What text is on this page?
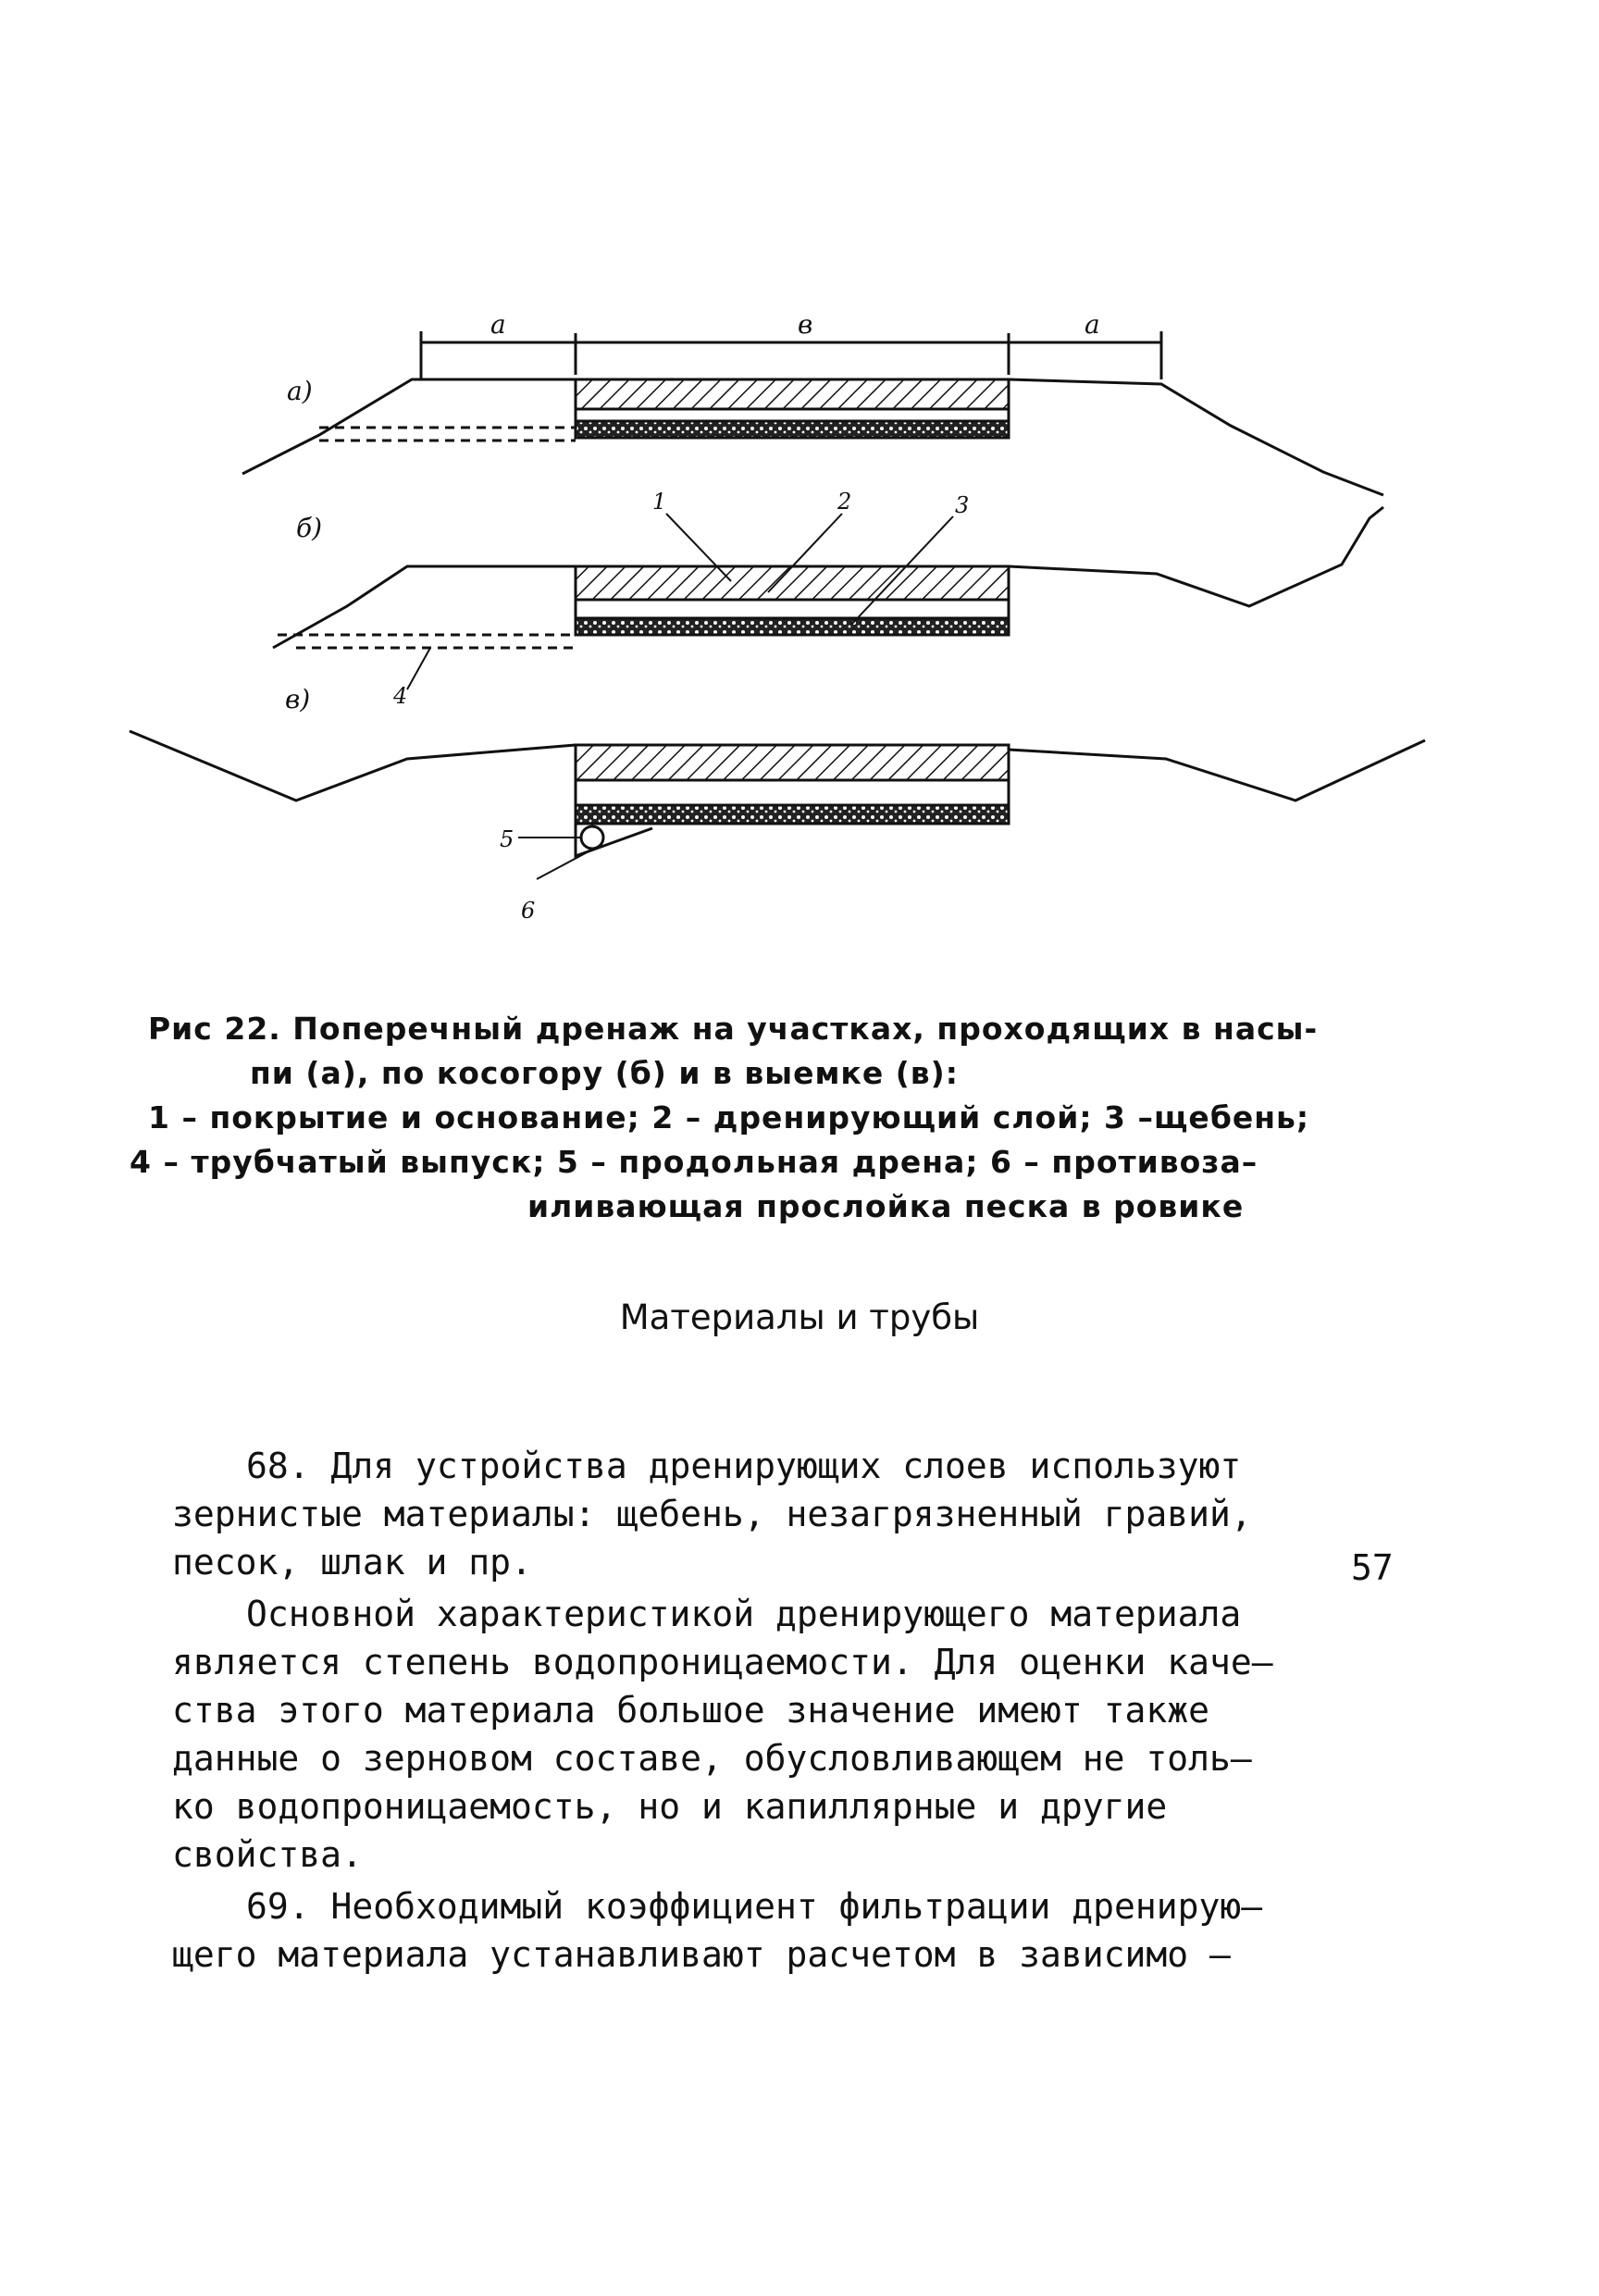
а)
б)
в)
а	в	а
1	2	3
4
5
6
Рис 22. Поперечный дренаж на участках, проходящих в насы-
пи (а), по косогору (б) и в выемке (в):
1 – покрытие и основание; 2 – дренирующий слой; 3 –щебень;
4 – трубчатый выпуск; 5 – продольная дрена; 6 – противоза–
иливающая прослойка песка в ровике
Материалы и трубы
68. Для устройства дренирующих слоев используют
зернистые материалы: щебень, незагрязненный гравий,
песок, шлак и пр.
Основной характеристикой дренирующего материала
является степень водопроницаемости. Для оценки каче–
ства этого материала большое значение имеют также
данные о зерновом составе, обусловливающем не толь–
ко водопроницаемость, но и капиллярные и другие
свойства.
69. Необходимый коэффициент фильтрации дренирую–
щего материала устанавливают расчетом в зависимо –
57
